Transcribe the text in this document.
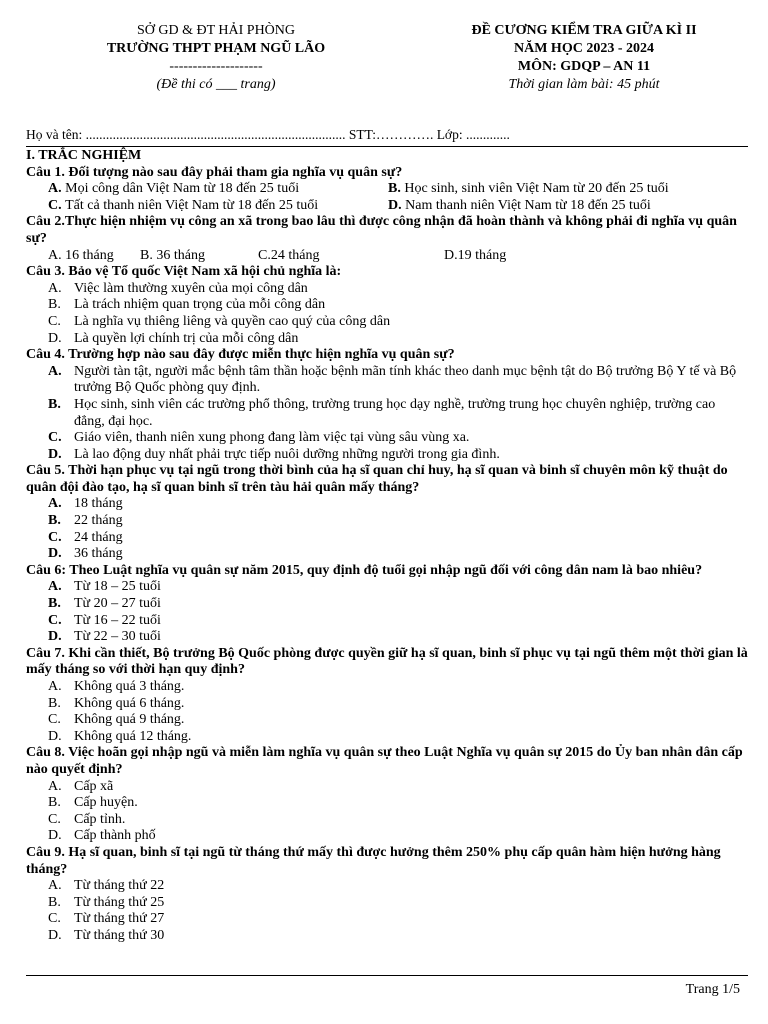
SỞ GD & ĐT HẢI PHÒNG
TRƯỜNG THPT PHẠM NGŨ LÃO
--------------------
(Đề thi có ___ trang)
ĐỀ CƯƠNG KIỂM TRA GIỮA KÌ II
NĂM HỌC 2023 - 2024
MÔN: GDQP – AN 11
Thời gian làm bài: 45 phút
Họ và tên: ............................................................................. STT:…………. Lớp: .............
I. TRẮC NGHIỆM
Câu 1. Đối tượng nào sau đây phải tham gia nghĩa vụ quân sự?
A. Mọi công dân Việt Nam từ 18 đến 25 tuổi	B. Học sinh, sinh viên Việt Nam từ 20 đến 25 tuổi
C. Tất cả thanh niên Việt Nam từ 18 đến 25 tuổi	D. Nam thanh niên Việt Nam từ 18 đến 25 tuổi
Câu 2.Thực hiện nhiệm vụ công an xã trong bao lâu thì được công nhận đã hoàn thành và không phải đi nghĩa vụ quân sự?
A. 16 tháng B. 36 tháng	C.24 tháng	D.19 tháng
Câu 3. Bảo vệ Tổ quốc Việt Nam xã hội chủ nghĩa là:
A. Việc làm thường xuyên của mọi công dân
B. Là trách nhiệm quan trọng của mỗi công dân
C. Là nghĩa vụ thiêng liêng và quyền cao quý của công dân
D. Là quyền lợi chính trị của mỗi công dân
Câu 4. Trường hợp nào sau đây được miễn thực hiện nghĩa vụ quân sự?
A. Người tàn tật, người mắc bệnh tâm thần hoặc bệnh mãn tính khác theo danh mục bệnh tật do Bộ trưởng Bộ Y tế và Bộ trưởng Bộ Quốc phòng quy định.
B. Học sinh, sinh viên các trường phổ thông, trường trung học dạy nghề, trường trung học chuyên nghiệp, trường cao đẳng, đại học.
C. Giáo viên, thanh niên xung phong đang làm việc tại vùng sâu vùng xa.
D. Là lao động duy nhất phải trực tiếp nuôi dưỡng những người trong gia đình.
Câu 5. Thời hạn phục vụ tại ngũ trong thời bình của hạ sĩ quan chỉ huy, hạ sĩ quan và binh sĩ chuyên môn kỹ thuật do quân đội đào tạo, hạ sĩ quan binh sĩ trên tàu hải quân mấy tháng?
A. 18 tháng
B. 22 tháng
C. 24 tháng
D. 36 tháng
Câu 6: Theo Luật nghĩa vụ quân sự năm 2015, quy định độ tuổi gọi nhập ngũ đối với công dân nam là bao nhiêu?
A. Từ 18 – 25 tuổi
B. Từ 20 – 27 tuổi
C. Từ 16 – 22 tuổi
D. Từ 22 – 30 tuổi
Câu 7. Khi cần thiết, Bộ trưởng Bộ Quốc phòng được quyền giữ hạ sĩ quan, binh sĩ phục vụ tại ngũ thêm một thời gian là mấy tháng so với thời hạn quy định?
A. Không quá 3 tháng.
B. Không quá 6 tháng.
C. Không quá 9 tháng.
D. Không quá 12 tháng.
Câu 8. Việc hoãn gọi nhập ngũ và miễn làm nghĩa vụ quân sự theo Luật Nghĩa vụ quân sự 2015 do Ủy ban nhân dân cấp nào quyết định?
A. Cấp xã
B. Cấp huyện.
C. Cấp tỉnh.
D. Cấp thành phố
Câu 9. Hạ sĩ quan, binh sĩ tại ngũ từ tháng thứ mấy thì được hưởng thêm 250% phụ cấp quân hàm hiện hưởng hàng tháng?
A. Từ tháng thứ 22
B. Từ tháng thứ 25
C. Từ tháng thứ 27
D. Từ tháng thứ 30
Trang 1/5
